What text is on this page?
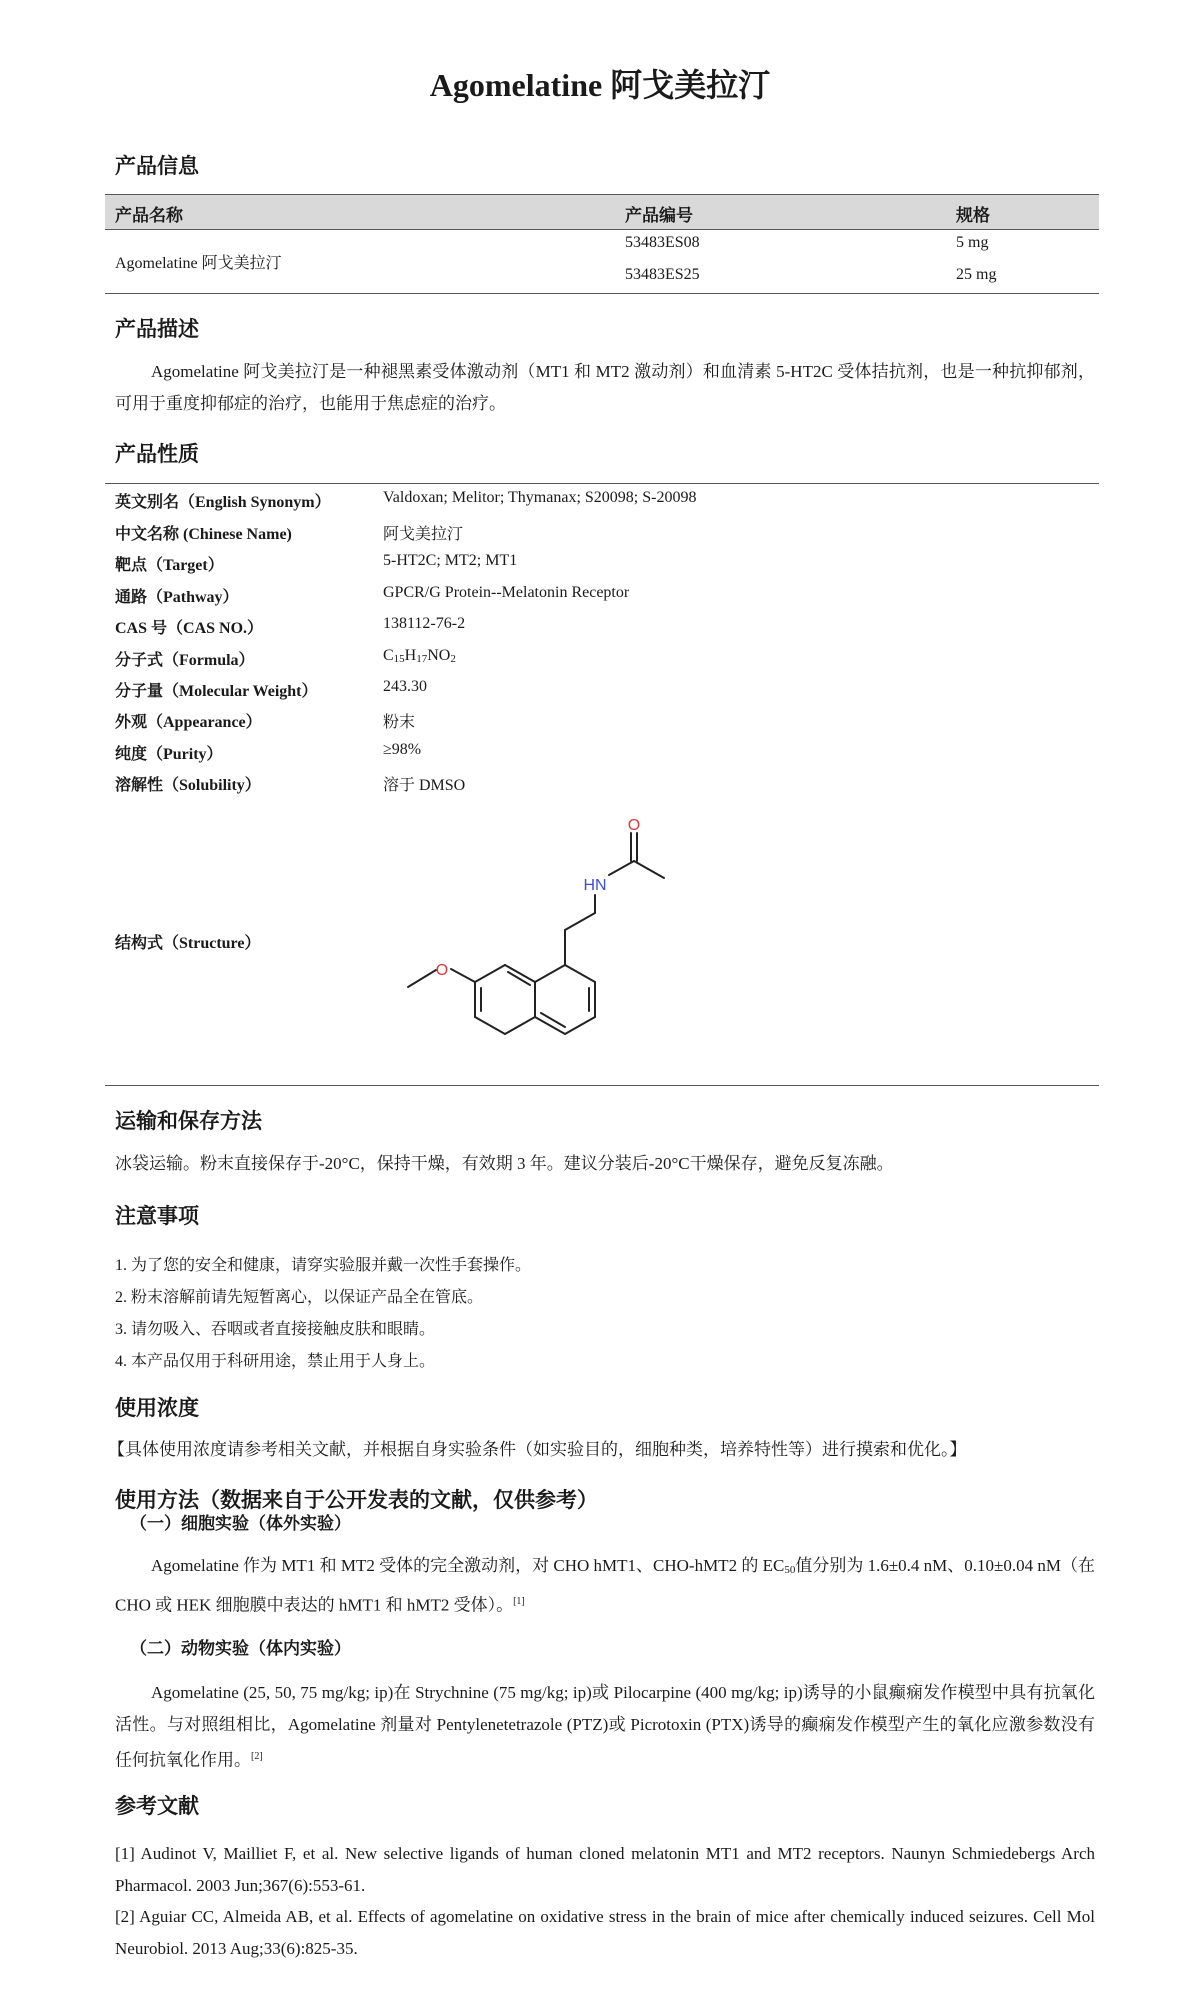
Agomelatine 阿戈美拉汀
产品信息
产品名称	产品编号	规格
Agomelatine 阿戈美拉汀
53483ES08	5 mg
53483ES25	25 mg
产品描述
Agomelatine 阿戈美拉汀是一种褪黑素受体激动剂（MT1 和 MT2 激动剂）和血清素 5-HT2C 受体拮抗剂，也是一种抗抑郁剂，可用于重度抑郁症的治疗，也能用于焦虑症的治疗。
产品性质
英文别名（English Synonym）	Valdoxan; Melitor; Thymanax; S20098; S-20098
中文名称 (Chinese Name)	阿戈美拉汀
靶点（Target）	5-HT2C; MT2; MT1
通路（Pathway）	GPCR/G Protein--Melatonin Receptor
CAS 号（CAS NO.）	138112-76-2
分子式（Formula）	$C_{15}H_{17}NO_2$
分子量（Molecular Weight）	243.30
外观（Appearance）	粉末
纯度（Purity）	≥98%
溶解性（Solubility）	溶于 DMSO
结构式（Structure）
O
HN
O
运输和保存方法
冰袋运输。粉末直接保存于-20°C，保持干燥，有效期 3 年。建议分装后-20°C干燥保存，避免反复冻融。
注意事项
1. 为了您的安全和健康，请穿实验服并戴一次性手套操作。
2. 粉末溶解前请先短暂离心，以保证产品全在管底。
3. 请勿吸入、吞咽或者直接接触皮肤和眼睛。
4. 本产品仅用于科研用途，禁止用于人身上。
使用浓度
【具体使用浓度请参考相关文献，并根据自身实验条件（如实验目的，细胞种类，培养特性等）进行摸索和优化。】
使用方法（数据来自于公开发表的文献，仅供参考）
（一）细胞实验（体外实验）
Agomelatine 作为 MT1 和 MT2 受体的完全激动剂，对 CHO hMT1、CHO-hMT2 的 $EC_{50}$值分别为 1.6±0.4 nM、0.10±0.04 nM（在 CHO 或 HEK 细胞膜中表达的 hMT1 和 hMT2 受体）。[1]
（二）动物实验（体内实验）
Agomelatine (25, 50, 75 mg/kg; ip)在 Strychnine (75 mg/kg; ip)或 Pilocarpine (400 mg/kg; ip)诱导的小鼠癫痫发作模型中具有抗氧化活性。与对照组相比，Agomelatine 剂量对 Pentylenetetrazole (PTZ)或 Picrotoxin (PTX)诱导的癫痫发作模型产生的氧化应激参数没有任何抗氧化作用。[2]
参考文献
[1] Audinot V, Mailliet F, et al. New selective ligands of human cloned melatonin MT1 and MT2 receptors. Naunyn Schmiedebergs Arch Pharmacol. 2003 Jun;367(6):553-61.
[2] Aguiar CC, Almeida AB, et al. Effects of agomelatine on oxidative stress in the brain of mice after chemically induced seizures. Cell Mol Neurobiol. 2013 Aug;33(6):825-35.
